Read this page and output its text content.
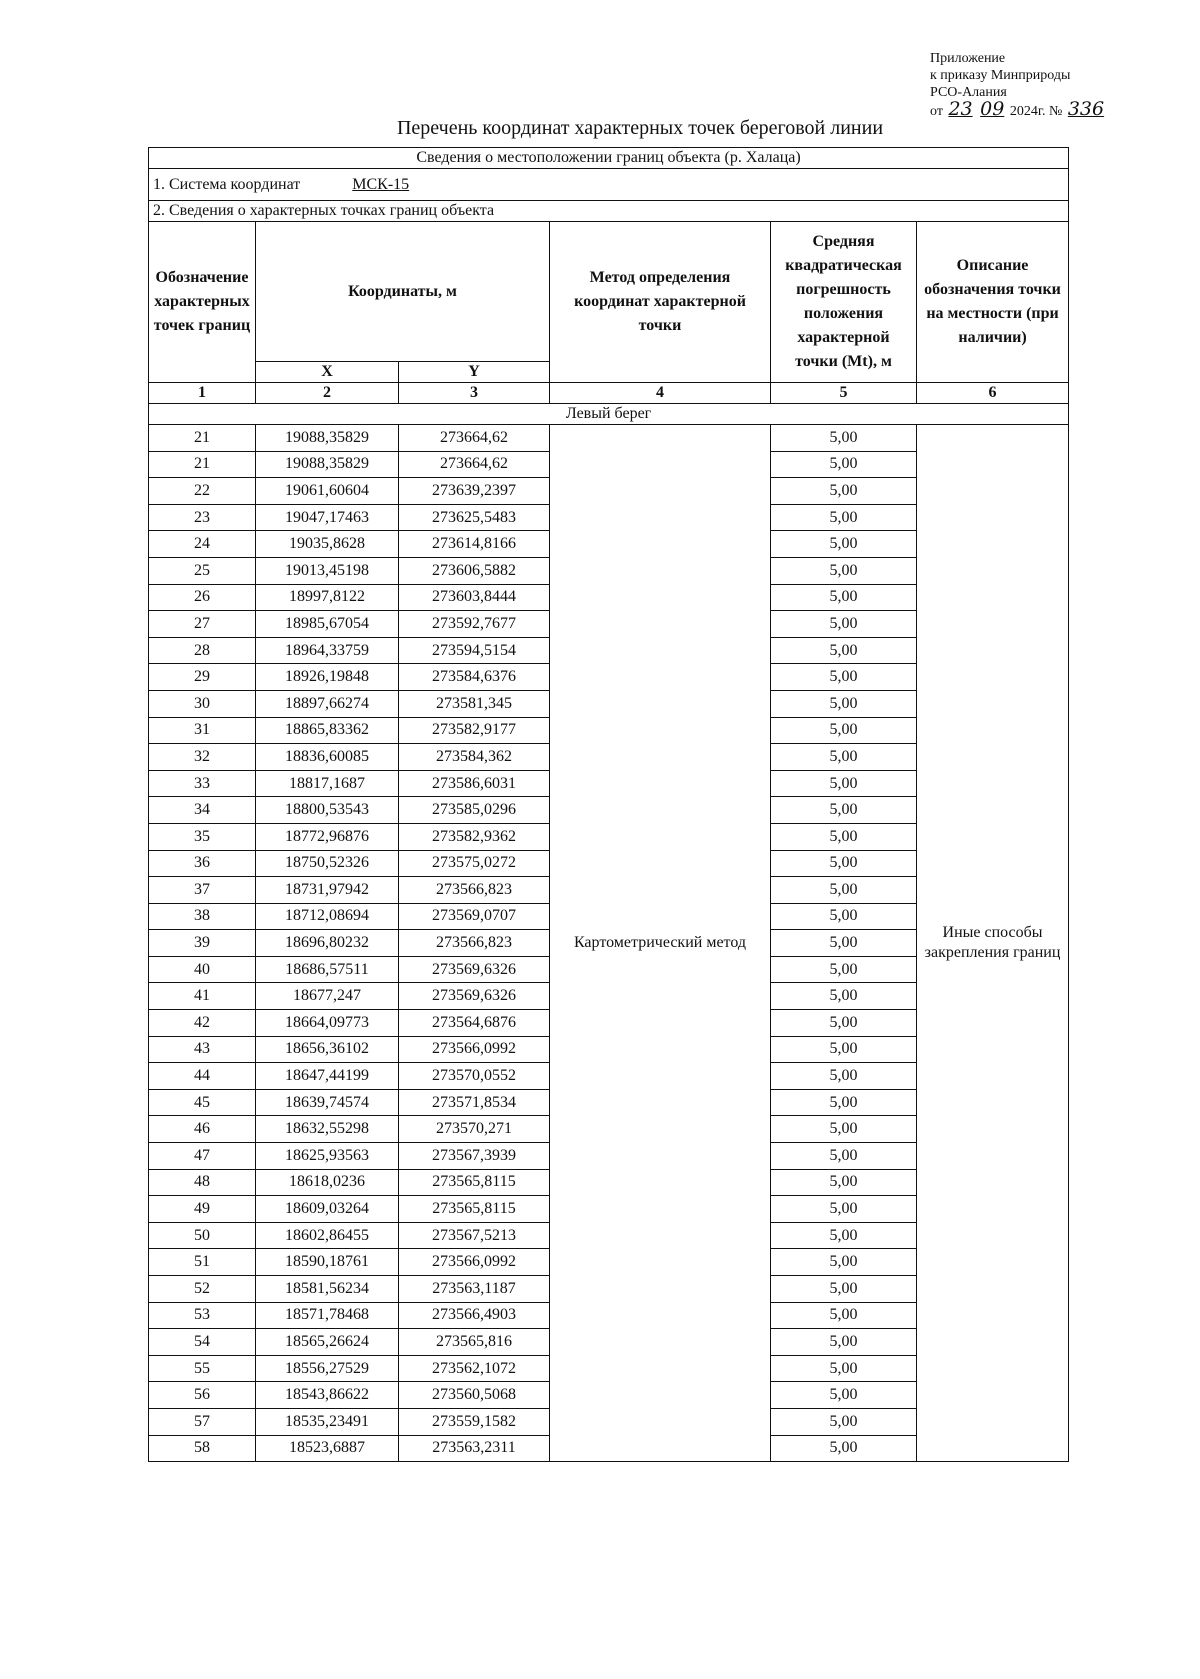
Приложение
к приказу Минприроды
РСО-Алания
от 23 09 2024г. № 336
Перечень координат характерных точек береговой линии
Сведения о местоположении границ объекта (р. Халаца)					
1. Система координат МСК-15					
2. Сведения о характерных точках границ объекта					
Обозначение характерных точек границ	Координаты, м		Метод определения координат характерной точки	Средняя квадратическая погрешность положения характерной точки (Mt), м	Описание обозначения точки на местности (при наличии)
	X	Y			
1	2	3	4	5	6
Левый берег					
21	19088,35829	273664,62	Картометрический метод	5,00	Иные способы закрепления границ
21	19088,35829	273664,62		5,00	
22	19061,60604	273639,2397		5,00	
23	19047,17463	273625,5483		5,00	
24	19035,8628	273614,8166		5,00	
25	19013,45198	273606,5882		5,00	
26	18997,8122	273603,8444		5,00	
27	18985,67054	273592,7677		5,00	
28	18964,33759	273594,5154		5,00	
29	18926,19848	273584,6376		5,00	
30	18897,66274	273581,345		5,00	
31	18865,83362	273582,9177		5,00	
32	18836,60085	273584,362		5,00	
33	18817,1687	273586,6031		5,00	
34	18800,53543	273585,0296		5,00	
35	18772,96876	273582,9362		5,00	
36	18750,52326	273575,0272		5,00	
37	18731,97942	273566,823		5,00	
38	18712,08694	273569,0707		5,00	
39	18696,80232	273566,823		5,00	
40	18686,57511	273569,6326		5,00	
41	18677,247	273569,6326		5,00	
42	18664,09773	273564,6876		5,00	
43	18656,36102	273566,0992		5,00	
44	18647,44199	273570,0552		5,00	
45	18639,74574	273571,8534		5,00	
46	18632,55298	273570,271		5,00	
47	18625,93563	273567,3939		5,00	
48	18618,0236	273565,8115		5,00	
49	18609,03264	273565,8115		5,00	
50	18602,86455	273567,5213		5,00	
51	18590,18761	273566,0992		5,00	
52	18581,56234	273563,1187		5,00	
53	18571,78468	273566,4903		5,00	
54	18565,26624	273565,816		5,00	
55	18556,27529	273562,1072		5,00	
56	18543,86622	273560,5068		5,00	
57	18535,23491	273559,1582		5,00	
58	18523,6887	273563,2311		5,00	
